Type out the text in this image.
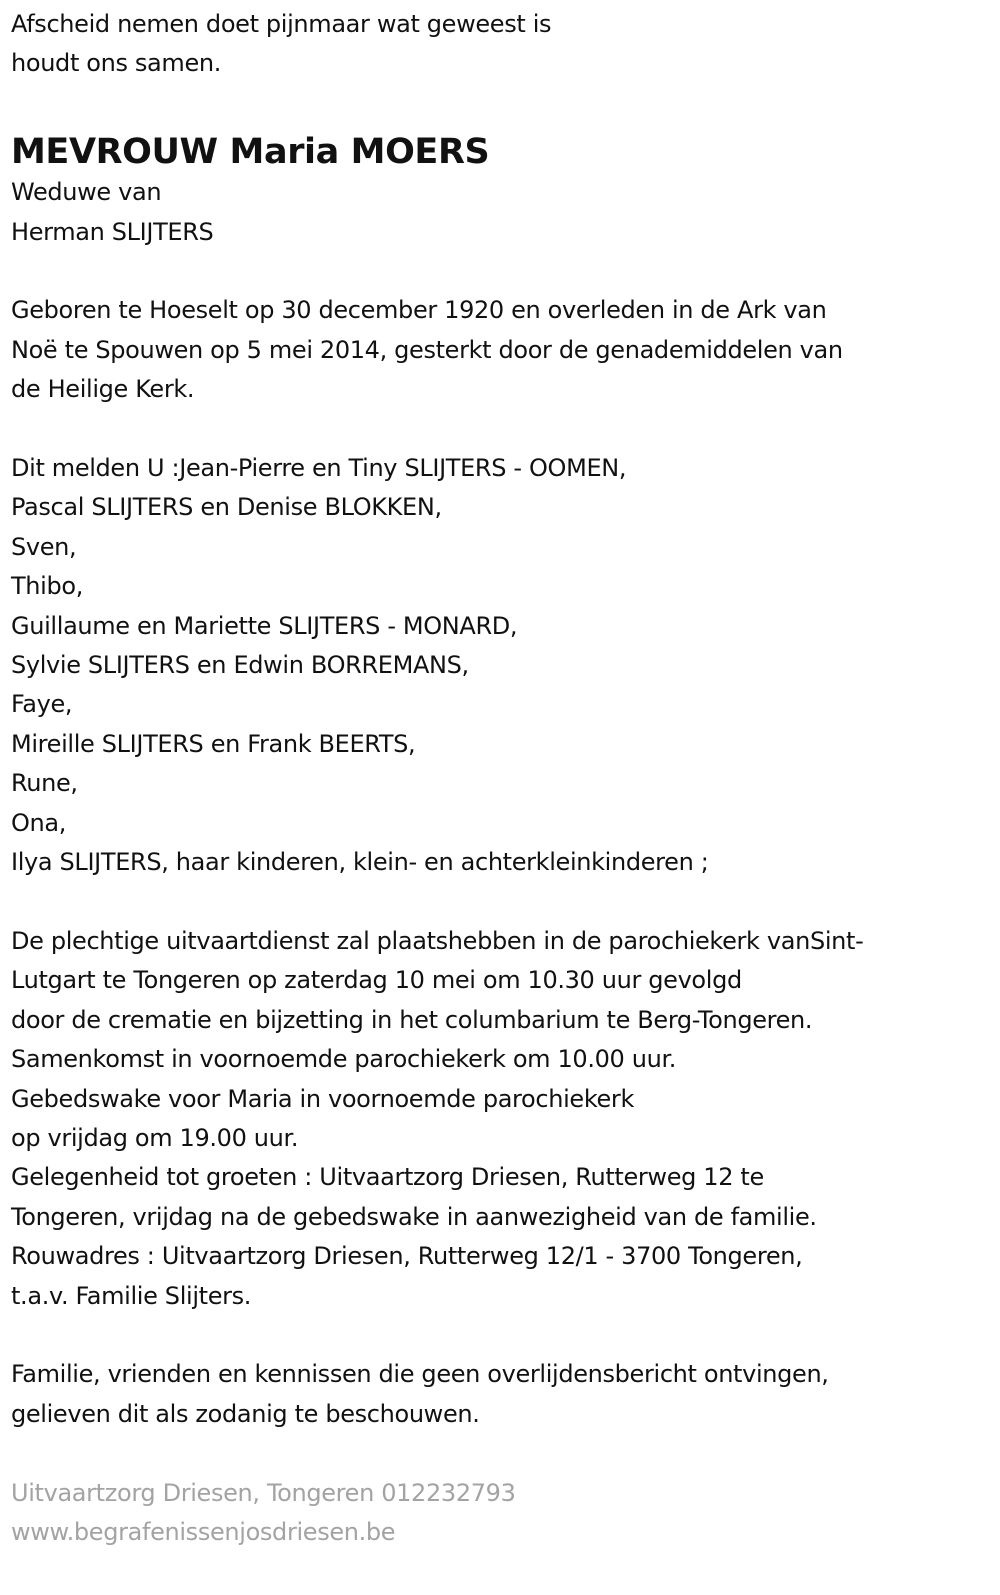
Afscheid nemen doet pijnmaar wat geweest is
houdt ons samen.
MEVROUW Maria MOERS
Weduwe van
Herman SLIJTERS
Geboren te Hoeselt op 30 december 1920 en overleden in de Ark van
Noë te Spouwen op 5 mei 2014, gesterkt door de genademiddelen van
de Heilige Kerk.
Dit melden U :Jean-Pierre en Tiny SLIJTERS - OOMEN,
Pascal SLIJTERS en Denise BLOKKEN,
Sven,
Thibo,
Guillaume en Mariette SLIJTERS - MONARD,
Sylvie SLIJTERS en Edwin BORREMANS,
Faye,
Mireille SLIJTERS en Frank BEERTS,
Rune,
Ona,
Ilya SLIJTERS, haar kinderen, klein- en achterkleinkinderen ;
De plechtige uitvaartdienst zal plaatshebben in de parochiekerk vanSint-
Lutgart te Tongeren op zaterdag 10 mei om 10.30 uur gevolgd
door de crematie en bijzetting in het columbarium te Berg-Tongeren.
Samenkomst in voornoemde parochiekerk om 10.00 uur.
Gebedswake voor Maria in voornoemde parochiekerk
op vrijdag om 19.00 uur.
Gelegenheid tot groeten : Uitvaartzorg Driesen, Rutterweg 12 te
Tongeren, vrijdag na de gebedswake in aanwezigheid van de familie.
Rouwadres : Uitvaartzorg Driesen, Rutterweg 12/1 - 3700 Tongeren,
t.a.v. Familie Slijters.
Familie, vrienden en kennissen die geen overlijdensbericht ontvingen,
gelieven dit als zodanig te beschouwen.
Uitvaartzorg Driesen, Tongeren 012232793
www.begrafenissenjosdriesen.be
